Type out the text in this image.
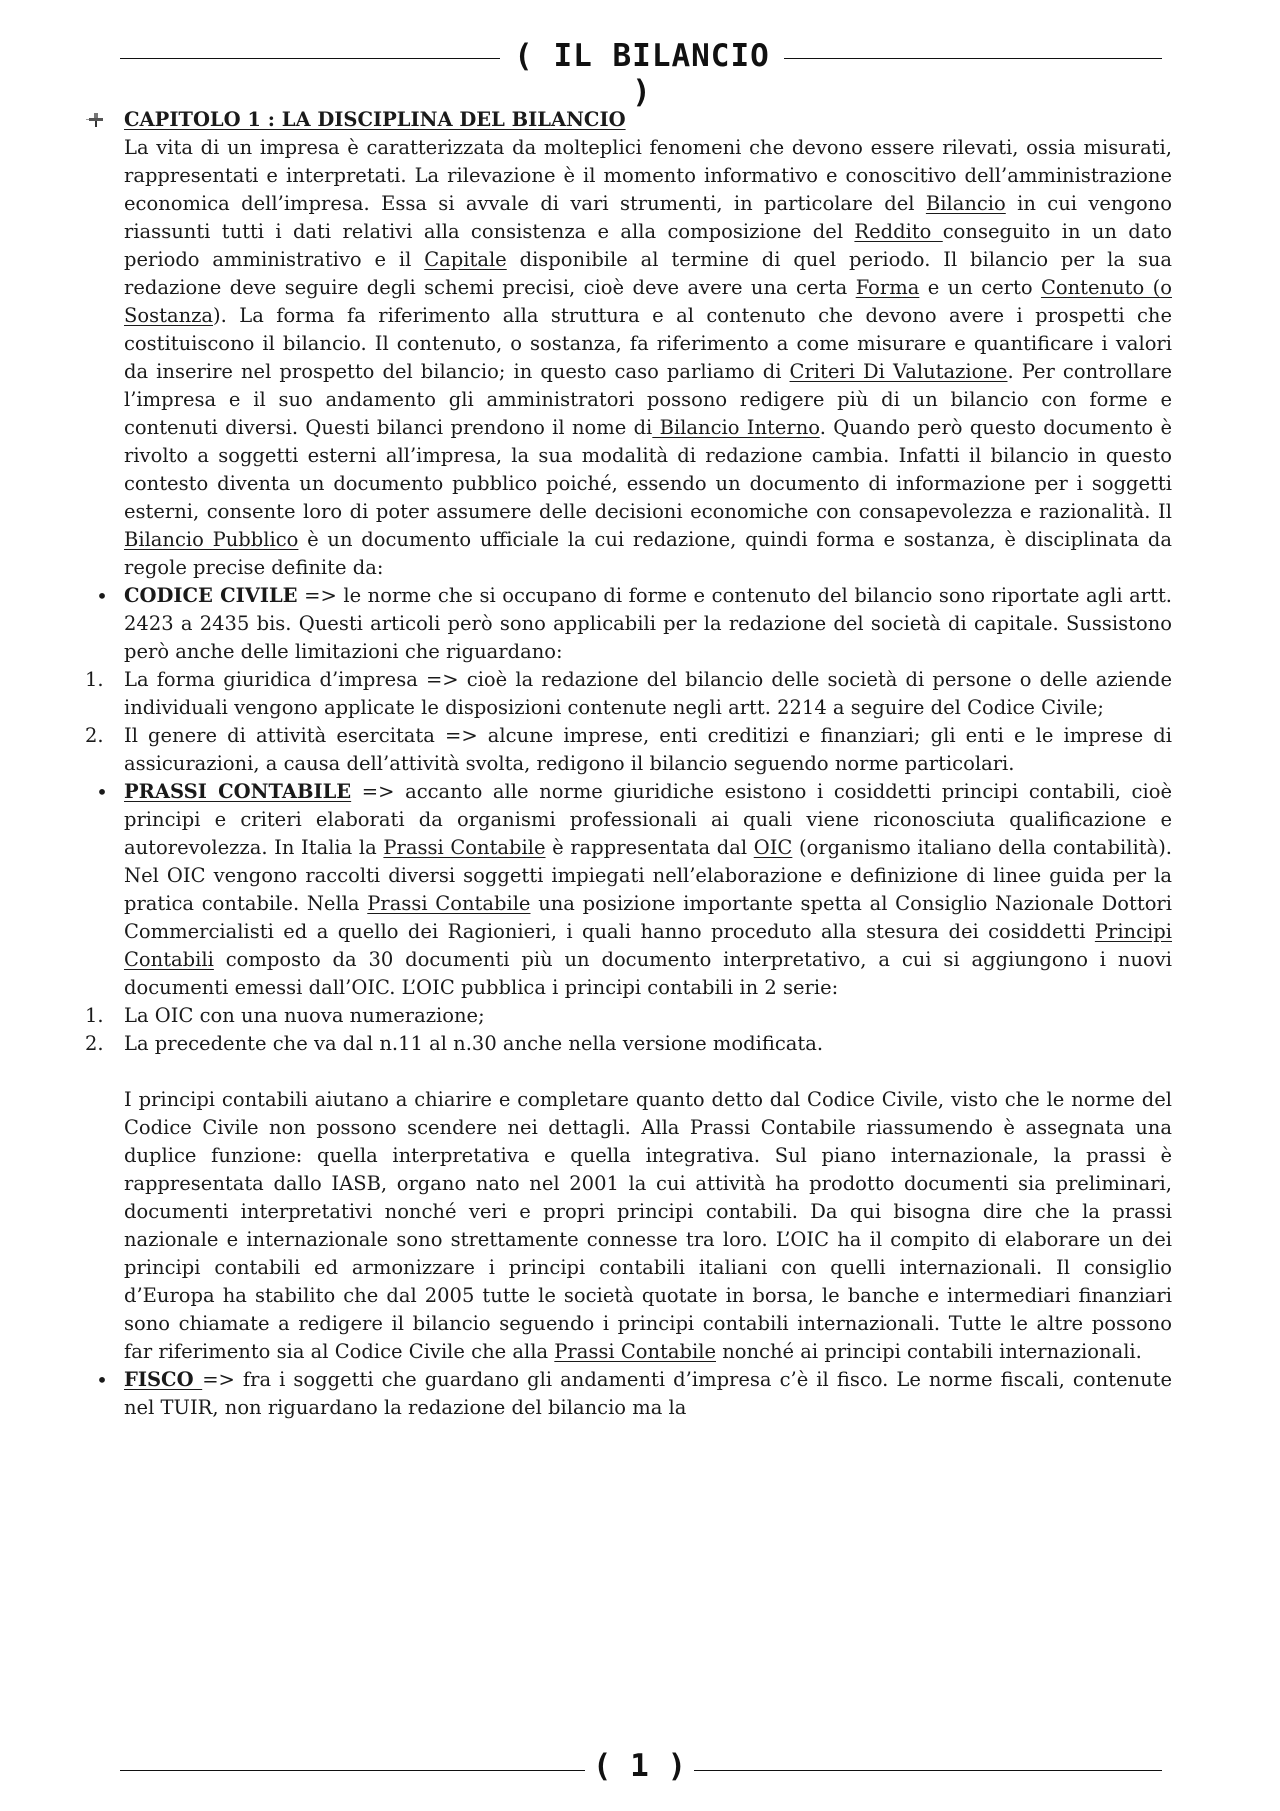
( IL BILANCIO )
CAPITOLO 1 : LA DISCIPLINA DEL BILANCIO
La vita di un impresa è caratterizzata da molteplici fenomeni che devono essere rilevati, ossia misurati, rappresentati e interpretati. La rilevazione è il momento informativo e conoscitivo dell’amministrazione economica dell’impresa. Essa si avvale di vari strumenti, in particolare del Bilancio in cui vengono riassunti tutti i dati relativi alla consistenza e alla composizione del Reddito conseguito in un dato periodo amministrativo e il Capitale disponibile al termine di quel periodo. Il bilancio per la sua redazione deve seguire degli schemi precisi, cioè deve avere una certa Forma e un certo Contenuto (o Sostanza). La forma fa riferimento alla struttura e al contenuto che devono avere i prospetti che costituiscono il bilancio. Il contenuto, o sostanza, fa riferimento a come misurare e quantificare i valori da inserire nel prospetto del bilancio; in questo caso parliamo di Criteri Di Valutazione. Per controllare l’impresa e il suo andamento gli amministratori possono redigere più di un bilancio con forme e contenuti diversi. Questi bilanci prendono il nome di Bilancio Interno. Quando però questo documento è rivolto a soggetti esterni all’impresa, la sua modalità di redazione cambia. Infatti il bilancio in questo contesto diventa un documento pubblico poiché, essendo un documento di informazione per i soggetti esterni, consente loro di poter assumere delle decisioni economiche con consapevolezza e razionalità. Il Bilancio Pubblico è un documento ufficiale la cui redazione, quindi forma e sostanza, è disciplinata da regole precise definite da:
• CODICE CIVILE => le norme che si occupano di forme e contenuto del bilancio sono riportate agli artt. 2423 a 2435 bis. Questi articoli però sono applicabili per la redazione del società di capitale. Sussistono però anche delle limitazioni che riguardano:
1.	La forma giuridica d’impresa => cioè la redazione del bilancio delle società di persone o delle aziende individuali vengono applicate le disposizioni contenute negli artt. 2214 a seguire del Codice Civile;
2.	Il genere di attività esercitata => alcune imprese, enti creditizi e finanziari; gli enti e le imprese di assicurazioni, a causa dell’attività svolta, redigono il bilancio seguendo norme particolari.
• PRASSI CONTABILE => accanto alle norme giuridiche esistono i cosiddetti principi contabili, cioè principi e criteri elaborati da organismi professionali ai quali viene riconosciuta qualificazione e autorevolezza. In Italia la Prassi Contabile è rappresentata dal OIC (organismo italiano della contabilità). Nel OIC vengono raccolti diversi soggetti impiegati nell’elaborazione e definizione di linee guida per la pratica contabile. Nella Prassi Contabile una posizione importante spetta al Consiglio Nazionale Dottori Commercialisti ed a quello dei Ragionieri, i quali hanno proceduto alla stesura dei cosiddetti Principi Contabili composto da 30 documenti più un documento interpretativo, a cui si aggiungono i nuovi documenti emessi dall’OIC. L’OIC pubblica i principi contabili in 2 serie:
1.	La OIC con una nuova numerazione;
2.	La precedente che va dal n.11 al n.30 anche nella versione modificata.
I principi contabili aiutano a chiarire e completare quanto detto dal Codice Civile, visto che le norme del Codice Civile non possono scendere nei dettagli. Alla Prassi Contabile riassumendo è assegnata una duplice funzione: quella interpretativa e quella integrativa. Sul piano internazionale, la prassi è rappresentata dallo IASB, organo nato nel 2001 la cui attività ha prodotto documenti sia preliminari, documenti interpretativi nonché veri e propri principi contabili. Da qui bisogna dire che la prassi nazionale e internazionale sono strettamente connesse tra loro. L’OIC ha il compito di elaborare un dei principi contabili ed armonizzare i principi contabili italiani con quelli internazionali. Il consiglio d’Europa ha stabilito che dal 2005 tutte le società quotate in borsa, le banche e intermediari finanziari sono chiamate a redigere il bilancio seguendo i principi contabili internazionali. Tutte le altre possono far riferimento sia al Codice Civile che alla Prassi Contabile nonché ai principi contabili internazionali.
• FISCO => fra i soggetti che guardano gli andamenti d’impresa c’è il fisco. Le norme fiscali, contenute nel TUIR, non riguardano la redazione del bilancio ma la
( 1 )
